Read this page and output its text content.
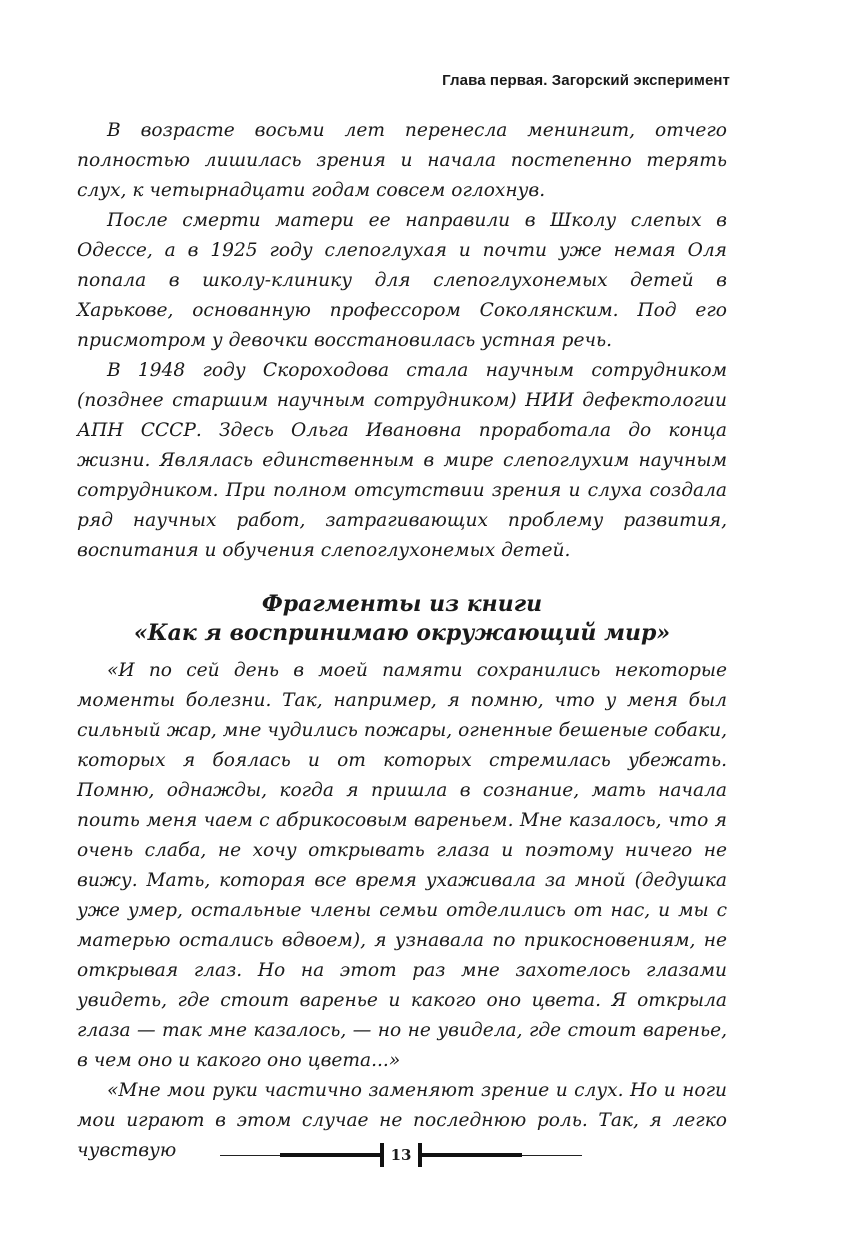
Глава первая. Загорский эксперимент

В возрасте восьми лет перенесла менингит, отчего полностью лишилась зрения и начала постепенно терять слух, к четырнадцати годам совсем оглохнув.

После смерти матери ее направили в Школу слепых в Одессе, а в 1925 году слепоглухая и почти уже немая Оля попала в школу-клинику для слепоглухонемых детей в Харькове, основанную профессором Соколянским. Под его присмотром у девочки восстановилась устная речь.

В 1948 году Скороходова стала научным сотрудником (позднее старшим научным сотрудником) НИИ дефектологии АПН СССР. Здесь Ольга Ивановна проработала до конца жизни. Являлась единственным в мире слепоглухим научным сотрудником. При полном отсутствии зрения и слуха создала ряд научных работ, затрагивающих проблему развития, воспитания и обучения слепоглухонемых детей.

Фрагменты из книги
«Как я воспринимаю окружающий мир»

«И по сей день в моей памяти сохранились некоторые моменты болезни. Так, например, я помню, что у меня был сильный жар, мне чудились пожары, огненные бешеные собаки, которых я боялась и от которых стремилась убежать. Помню, однажды, когда я пришла в сознание, мать начала поить меня чаем с абрикосовым вареньем. Мне казалось, что я очень слаба, не хочу открывать глаза и поэтому ничего не вижу. Мать, которая все время ухаживала за мной (дедушка уже умер, остальные члены семьи отделились от нас, и мы с матерью остались вдвоем), я узнавала по прикосновениям, не открывая глаз. Но на этот раз мне захотелось глазами увидеть, где стоит варенье и какого оно цвета. Я открыла глаза — так мне казалось, — но не увидела, где стоит варенье, в чем оно и какого оно цвета...»

«Мне мои руки частично заменяют зрение и слух. Но и ноги мои играют в этом случае не последнюю роль. Так, я легко чувствую	13
